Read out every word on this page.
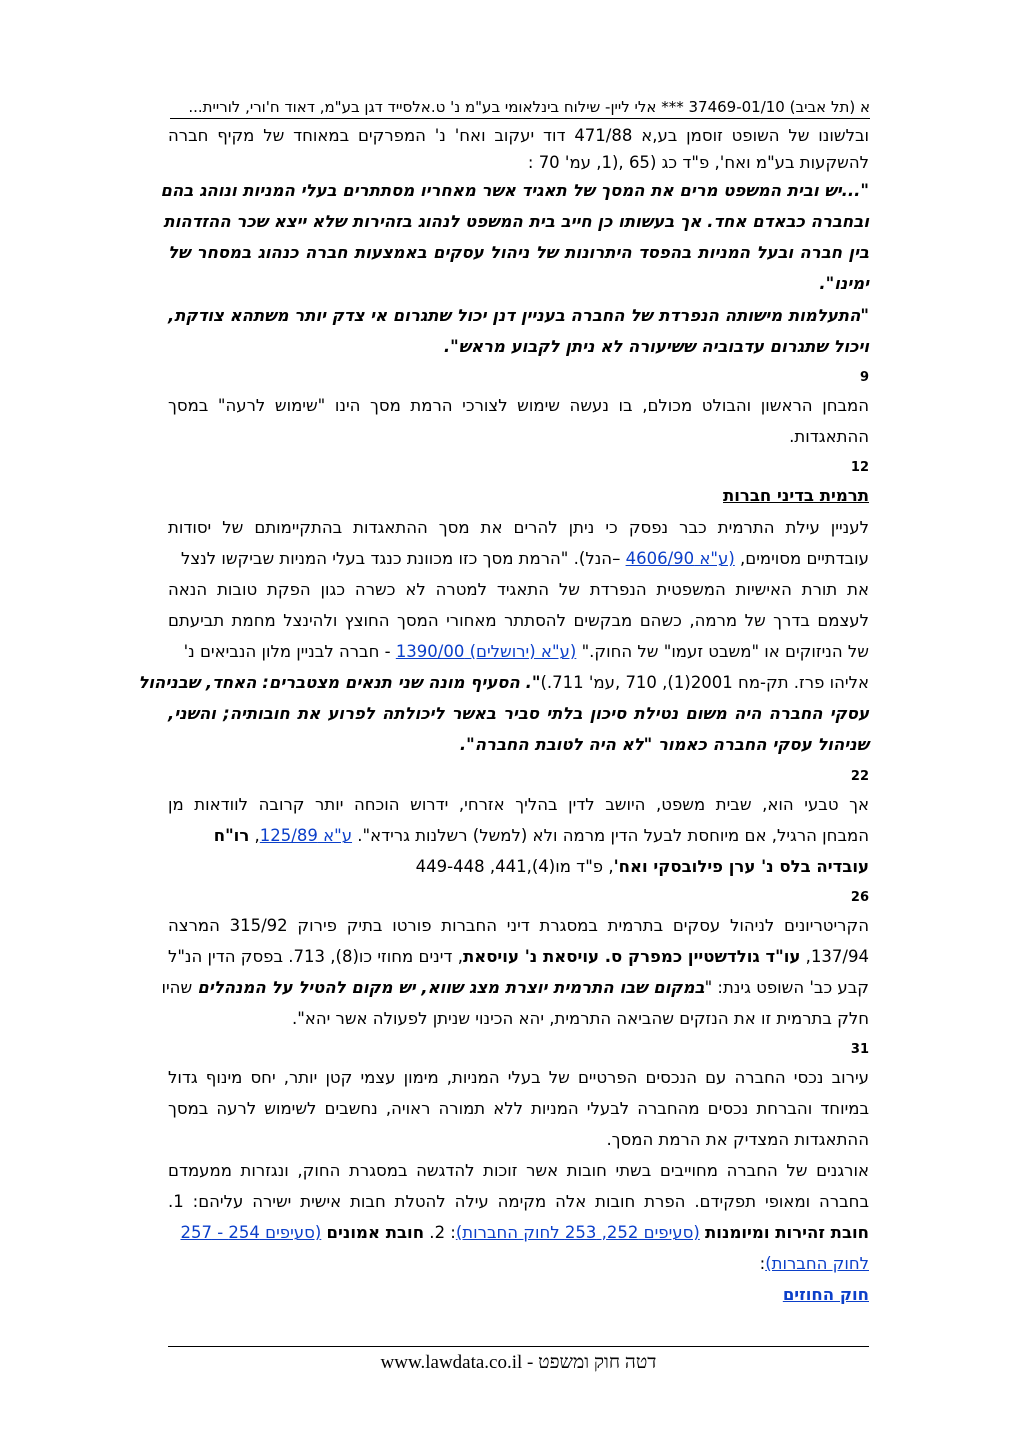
א (תל אביב) 37469-01/10 *** אלי ליין- שילוח בינלאומי בע"מ נ' ט.אלסייד דגן בע"מ, דאוד ח'ורי, לוריית...
ובלשונו של השופט זוסמן בע,א 471/88 דוד יעקוב ואח' נ' המפרקים במאוחד של מקיף חברה
להשקעות בע"מ ואח', פ"ד כג (65 ,(1, עמ' 70 :
"...יש ובית המשפט מרים את המסך של תאגיד אשר מאחריו מסתתרים בעלי המניות ונוהג בהם
ובחברה כבאדם אחד. אך בעשותו כן חייב בית המשפט לנהוג בזהירות שלא ייצא שכר ההזדהות
בין חברה ובעל המניות בהפסד היתרונות של ניהול עסקים באמצעות חברה כנהוג במסחר של
ימינו".
"התעלמות מישותה הנפרדת של החברה בעניין דנן יכול שתגרום אי צדק יותר משתהא צודקת,
ויכול שתגרום עדבוביה ששיעורה לא ניתן לקבוע מראש".
9
המבחן הראשון והבולט מכולם, בו נעשה שימוש לצורכי הרמת מסך הינו "שימוש לרעה" במסך
ההתאגדות.
12
תרמית בדיני חברות
לעניין עילת התרמית כבר נפסק כי ניתן להרים את מסך ההתאגדות בהתקיימותם של יסודות
עובדתיים מסוימים, (ע"א 4606/90 –הנל). "הרמת מסך כזו מכוונת כנגד בעלי המניות שביקשו לנצל
את תורת האישיות המשפטית הנפרדת של התאגיד למטרה לא כשרה כגון הפקת טובות הנאה
לעצמם בדרך של מרמה, כשהם מבקשים להסתתר מאחורי המסך החוצץ ולהינצל מחמת תביעתם
של הניזוקים או "משבט זעמו" של החוק." (ע"א (ירושלים) 1390/00 - חברה לבניין מלון הנביאים נ'
אליהו פרז. תק-מח 2001(1), 710 ,עמ' 711.)". הסעיף מונה שני תנאים מצטברים: האחד, שבניהול
עסקי החברה היה משום נטילת סיכון בלתי סביר באשר ליכולתה לפרוע את חובותיה; והשני,
שניהול עסקי החברה כאמור "לא היה לטובת החברה".
22
אך טבעי הוא, שבית משפט, היושב לדין בהליך אזרחי, ידרוש הוכחה יותר קרובה לוודאות מן
המבחן הרגיל, אם מיוחסת לבעל הדין מרמה ולא (למשל) רשלנות גרידא". ע"א 125/89, רו"ח
עובדיה בלס נ' ערן פילובסקי ואח', פ"ד מו(4),441, 449-448
26
הקריטריונים לניהול עסקים בתרמית במסגרת דיני החברות פורטו בתיק פירוק 315/92 המרצה
137/94, עו"ד גולדשטיין כמפרק ס. עויסאת נ' עויסאת, דינים מחוזי כו(8), 713. בפסק הדין הנ"ל
קבע כב' השופט גינת: "במקום שבו התרמית יוצרת מצג שווא, יש מקום להטיל על המנהלים שהיו
חלק בתרמית זו את הנזקים שהביאה התרמית, יהא הכינוי שניתן לפעולה אשר יהא".
31
עירוב נכסי החברה עם הנכסים הפרטיים של בעלי המניות, מימון עצמי קטן יותר, יחס מינוף גדול
במיוחד והברחת נכסים מהחברה לבעלי המניות ללא תמורה ראויה, נחשבים לשימוש לרעה במסך
ההתאגדות המצדיק את הרמת המסך.
אורגנים של החברה מחוייבים בשתי חובות אשר זוכות להדגשה במסגרת החוק, ונגזרות ממעמדם
בחברה ומאופי תפקידם. הפרת חובות אלה מקימה עילה להטלת חבות אישית ישירה עליהם: 1.
חובת זהירות ומיומנות (סעיפים 252, 253 לחוק החברות): 2. חובת אמונים (סעיפים 254 - 257
לחוק החברות):
חוק החוזים
www.lawdata.co.il - דטה חוק ומשפט
